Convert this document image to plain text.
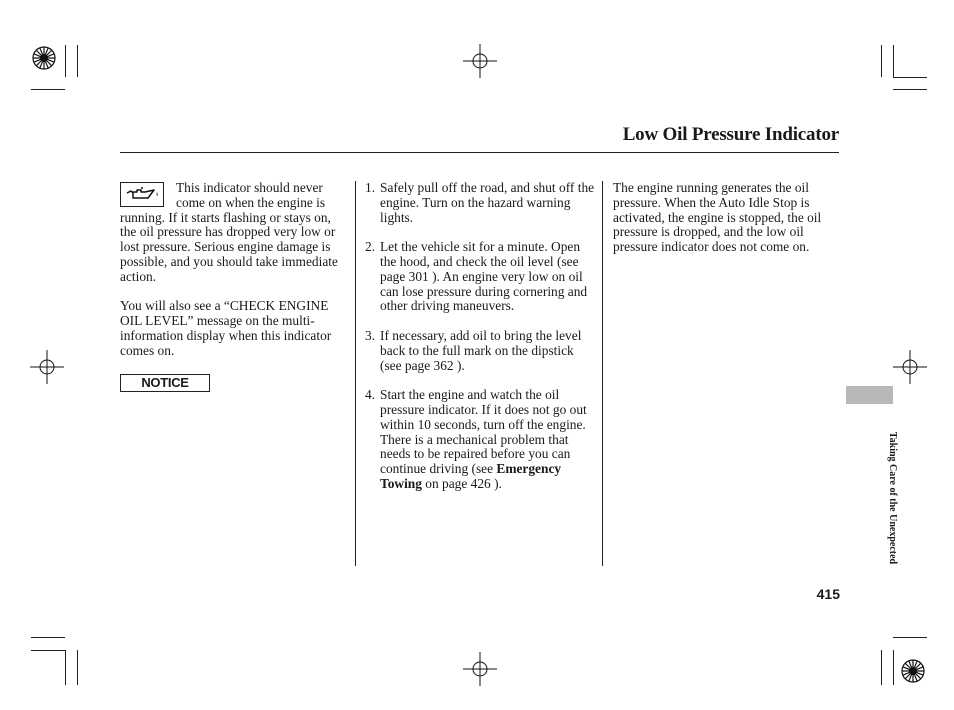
Low Oil Pressure Indicator

This indicator should never come on when the engine is

running. If it starts flashing or stays on, the oil pressure has dropped very low or lost pressure. Serious engine damage is possible, and you should take immediate action.

You will also see a “CHECK ENGINE OIL LEVEL” message on the multi-information display when this indicator comes on.

NOTICE
1. Safely pull off the road, and shut off the engine. Turn on the hazard warning lights.
2. Let the vehicle sit for a minute. Open the hood, and check the oil level (see page 301 ). An engine very low on oil can lose pressure during cornering and other driving maneuvers.
3. If necessary, add oil to bring the level back to the full mark on the dipstick (see page 362 ).
4. Start the engine and watch the oil pressure indicator. If it does not go out within 10 seconds, turn off the engine. There is a mechanical problem that needs to be repaired before you can continue driving (see Emergency Towing on page 426 ).

The engine running generates the oil pressure. When the Auto Idle Stop is activated, the engine is stopped, the oil pressure is dropped, and the low oil pressure indicator does not come on.

Taking Care of the Unexpected
415
